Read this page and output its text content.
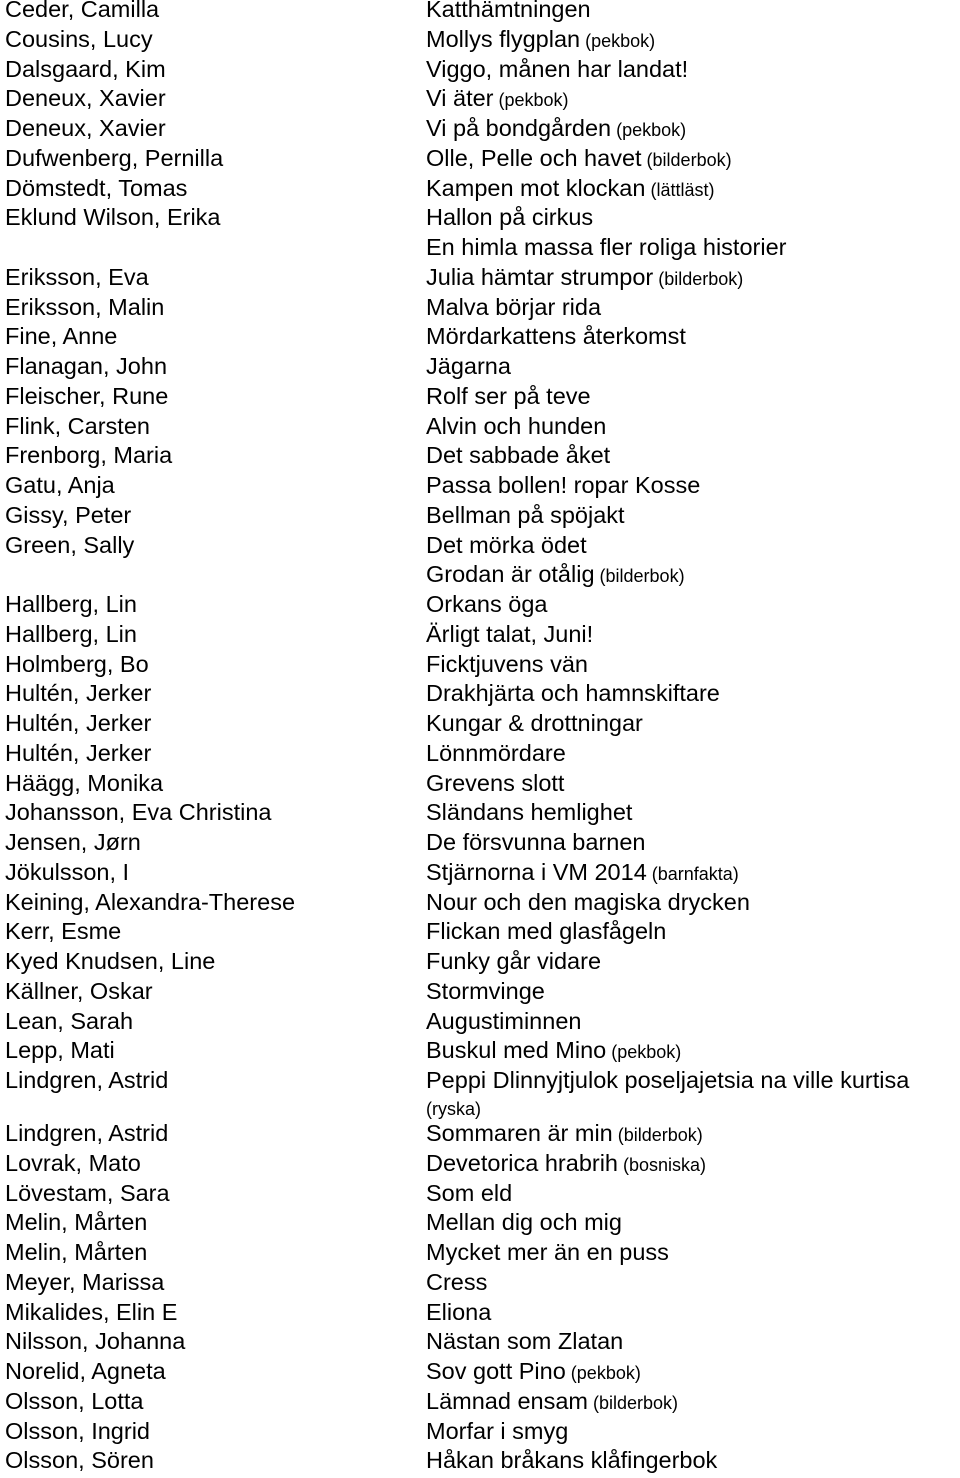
Ceder, Camilla	Katthämtningen
Cousins, Lucy	Mollys flygplan (pekbok)
Dalsgaard, Kim	Viggo, månen har landat!
Deneux, Xavier	Vi äter (pekbok)
Deneux, Xavier	Vi på bondgården (pekbok)
Dufwenberg, Pernilla	Olle, Pelle och havet (bilderbok)
Dömstedt, Tomas	Kampen mot klockan (lättläst)
Eklund Wilson, Erika	Hallon på cirkus
En himla massa fler roliga historier
Eriksson, Eva	Julia hämtar strumpor (bilderbok)
Eriksson, Malin	Malva börjar rida
Fine, Anne	Mördarkattens återkomst
Flanagan, John	Jägarna
Fleischer, Rune	Rolf ser på teve
Flink, Carsten	Alvin och hunden
Frenborg, Maria	Det sabbade åket
Gatu, Anja	Passa bollen! ropar Kosse
Gissy, Peter	Bellman på spöjakt
Green, Sally	Det mörka ödet
Grodan är otålig (bilderbok)
Hallberg, Lin	Orkans öga
Hallberg, Lin	Ärligt talat, Juni!
Holmberg, Bo	Ficktjuvens vän
Hultén, Jerker	Drakhjärta och hamnskiftare
Hultén, Jerker	Kungar & drottningar
Hultén, Jerker	Lönnmördare
Häägg, Monika	Grevens slott
Johansson, Eva Christina	Sländans hemlighet
Jensen, Jørn	De försvunna barnen
Jökulsson, I	Stjärnorna i VM 2014 (barnfakta)
Keining, Alexandra-Therese	Nour och den magiska drycken
Kerr, Esme	Flickan med glasfågeln
Kyed Knudsen, Line	Funky går vidare
Källner, Oskar	Stormvinge
Lean, Sarah	Augustiminnen
Lepp, Mati	Buskul med Mino (pekbok)
Lindgren, Astrid	Peppi Dlinnyjtjulok poseljajetsia na ville kurtisa
(ryska)
Lindgren, Astrid	Sommaren är min (bilderbok)
Lovrak, Mato	Devetorica hrabrih (bosniska)
Lövestam, Sara	Som eld
Melin, Mårten	Mellan dig och mig
Melin, Mårten	Mycket mer än en puss
Meyer, Marissa	Cress
Mikalides, Elin E	Eliona
Nilsson, Johanna	Nästan som Zlatan
Norelid, Agneta	Sov gott Pino (pekbok)
Olsson, Lotta	Lämnad ensam (bilderbok)
Olsson, Ingrid	Morfar i smyg
Olsson, Sören	Håkan bråkans klåfingerbok
